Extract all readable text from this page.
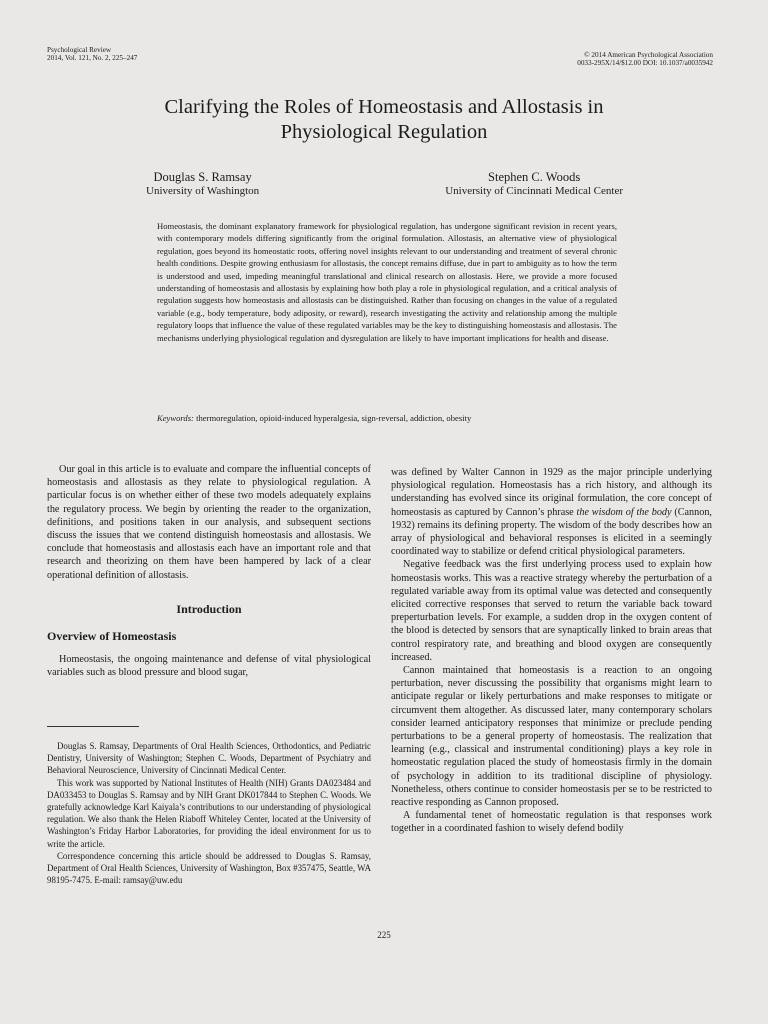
Psychological Review
2014, Vol. 121, No. 2, 225–247	© 2014 American Psychological Association
0033-295X/14/$12.00 DOI: 10.1037/a0035942
Clarifying the Roles of Homeostasis and Allostasis in
Physiological Regulation
Douglas S. Ramsay
University of Washington
Stephen C. Woods
University of Cincinnati Medical Center
Homeostasis, the dominant explanatory framework for physiological regulation, has undergone significant revision in recent years, with contemporary models differing significantly from the original formulation. Allostasis, an alternative view of physiological regulation, goes beyond its homeostatic roots, offering novel insights relevant to our understanding and treatment of several chronic health conditions. Despite growing enthusiasm for allostasis, the concept remains diffuse, due in part to ambiguity as to how the term is understood and used, impeding meaningful translational and clinical research on allostasis. Here, we provide a more focused understanding of homeostasis and allostasis by explaining how both play a role in physiological regulation, and a critical analysis of regulation suggests how homeostasis and allostasis can be distinguished. Rather than focusing on changes in the value of a regulated variable (e.g., body temperature, body adiposity, or reward), research investigating the activity and relationship among the multiple regulatory loops that influence the value of these regulated variables may be the key to distinguishing homeostasis and allostasis. The mechanisms underlying physiological regulation and dysregulation are likely to have important implications for health and disease.
Keywords: thermoregulation, opioid-induced hyperalgesia, sign-reversal, addiction, obesity

Our goal in this article is to evaluate and compare the influential concepts of homeostasis and allostasis as they relate to physiological regulation. A particular focus is on whether either of these two models adequately explains the regulatory process. We begin by orienting the reader to the organization, definitions, and positions taken in our analysis, and subsequent sections discuss the issues that we contend distinguish homeostasis and allostasis. We conclude that homeostasis and allostasis each have an important role and that research and theorizing on them have been hampered by lack of a clear operational definition of allostasis.

Introduction
Overview of Homeostasis

Homeostasis, the ongoing maintenance and defense of vital physiological variables such as blood pressure and blood sugar,

Douglas S. Ramsay, Departments of Oral Health Sciences, Orthodontics, and Pediatric Dentistry, University of Washington; Stephen C. Woods, Department of Psychiatry and Behavioral Neuroscience, University of Cincinnati Medical Center.

This work was supported by National Institutes of Health (NIH) Grants DA023484 and DA033453 to Douglas S. Ramsay and by NIH Grant DK017844 to Stephen C. Woods. We gratefully acknowledge Karl Kaiyala’s contributions to our understanding of physiological regulation. We also thank the Helen Riaboff Whiteley Center, located at the University of Washington’s Friday Harbor Laboratories, for providing the ideal environment for us to write the article.

Correspondence concerning this article should be addressed to Douglas S. Ramsay, Department of Oral Health Sciences, University of Washington, Box #357475, Seattle, WA 98195-7475. E-mail: ramsay@uw.edu

was defined by Walter Cannon in 1929 as the major principle underlying physiological regulation. Homeostasis has a rich history, and although its understanding has evolved since its original formulation, the core concept of homeostasis as captured by Cannon’s phrase the wisdom of the body (Cannon, 1932) remains its defining property. The wisdom of the body describes how an array of physiological and behavioral responses is elicited in a seemingly coordinated way to stabilize or defend critical physiological parameters.

Negative feedback was the first underlying process used to explain how homeostasis works. This was a reactive strategy whereby the perturbation of a regulated variable away from its optimal value was detected and consequently elicited corrective responses that served to return the variable back toward preperturbation levels. For example, a sudden drop in the oxygen content of the blood is detected by sensors that are synaptically linked to brain areas that control respiratory rate, and breathing and blood oxygen are consequently increased.

Cannon maintained that homeostasis is a reaction to an ongoing perturbation, never discussing the possibility that organisms might learn to anticipate regular or likely perturbations and make responses to mitigate or circumvent them altogether. As discussed later, many contemporary scholars consider learned anticipatory responses that minimize or preclude pending perturbations to be a general property of homeostasis. The realization that learning (e.g., classical and instrumental conditioning) plays a key role in homeostatic regulation placed the study of homeostasis firmly in the domain of psychology in addition to its traditional discipline of physiology. Nonetheless, others continue to consider homeostasis per se to be restricted to reactive responding as Cannon proposed.

A fundamental tenet of homeostatic regulation is that responses work together in a coordinated fashion to wisely defend bodily

225
